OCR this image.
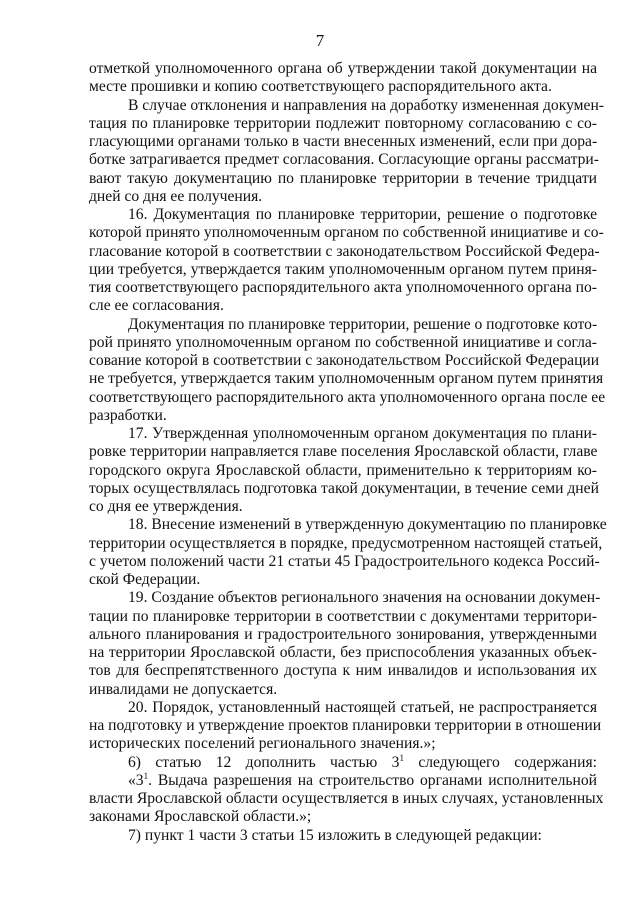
7
отметкой уполномоченного органа об утверждении такой документации на
месте прошивки и копию соответствующего распорядительного акта.
В случае отклонения и направления на доработку измененная докумен-
тация по планировке территории подлежит повторному согласованию с со-
гласующими органами только в части внесенных изменений, если при дора-
ботке затрагивается предмет согласования. Согласующие органы рассматри-
вают такую документацию по планировке территории в течение тридцати
дней со дня ее получения.
16. Документация по планировке территории, решение о подготовке
которой принято уполномоченным органом по собственной инициативе и со-
гласование которой в соответствии с законодательством Российской Федера-
ции требуется, утверждается таким уполномоченным органом путем приня-
тия соответствующего распорядительного акта уполномоченного органа по-
сле ее согласования.
Документация по планировке территории, решение о подготовке кото-
рой принято уполномоченным органом по собственной инициативе и согла-
сование которой в соответствии с законодательством Российской Федерации
не требуется, утверждается таким уполномоченным органом путем принятия
соответствующего распорядительного акта уполномоченного органа после ее
разработки.
17. Утвержденная уполномоченным органом документация по плани-
ровке территории направляется главе поселения Ярославской области, главе
городского округа Ярославской области, применительно к территориям ко-
торых осуществлялась подготовка такой документации, в течение семи дней
со дня ее утверждения.
18. Внесение изменений в утвержденную документацию по планировке
территории осуществляется в порядке, предусмотренном настоящей статьей,
с учетом положений части 21 статьи 45 Градостроительного кодекса Россий-
ской Федерации.
19. Создание объектов регионального значения на основании докумен-
тации по планировке территории в соответствии с документами территори-
ального планирования и градостроительного зонирования, утвержденными
на территории Ярославской области, без приспособления указанных объек-
тов для беспрепятственного доступа к ним инвалидов и использования их
инвалидами не допускается.
20. Порядок, установленный настоящей статьей, не распространяется
на подготовку и утверждение проектов планировки территории в отношении
исторических поселений регионального значения.»;
6) статью 12 дополнить частью $3^1$ следующего содержания:
«$3^1$. Выдача разрешения на строительство органами исполнительной
власти Ярославской области осуществляется в иных случаях, установленных
законами Ярославской области.»;
7) пункт 1 части 3 статьи 15 изложить в следующей редакции:
